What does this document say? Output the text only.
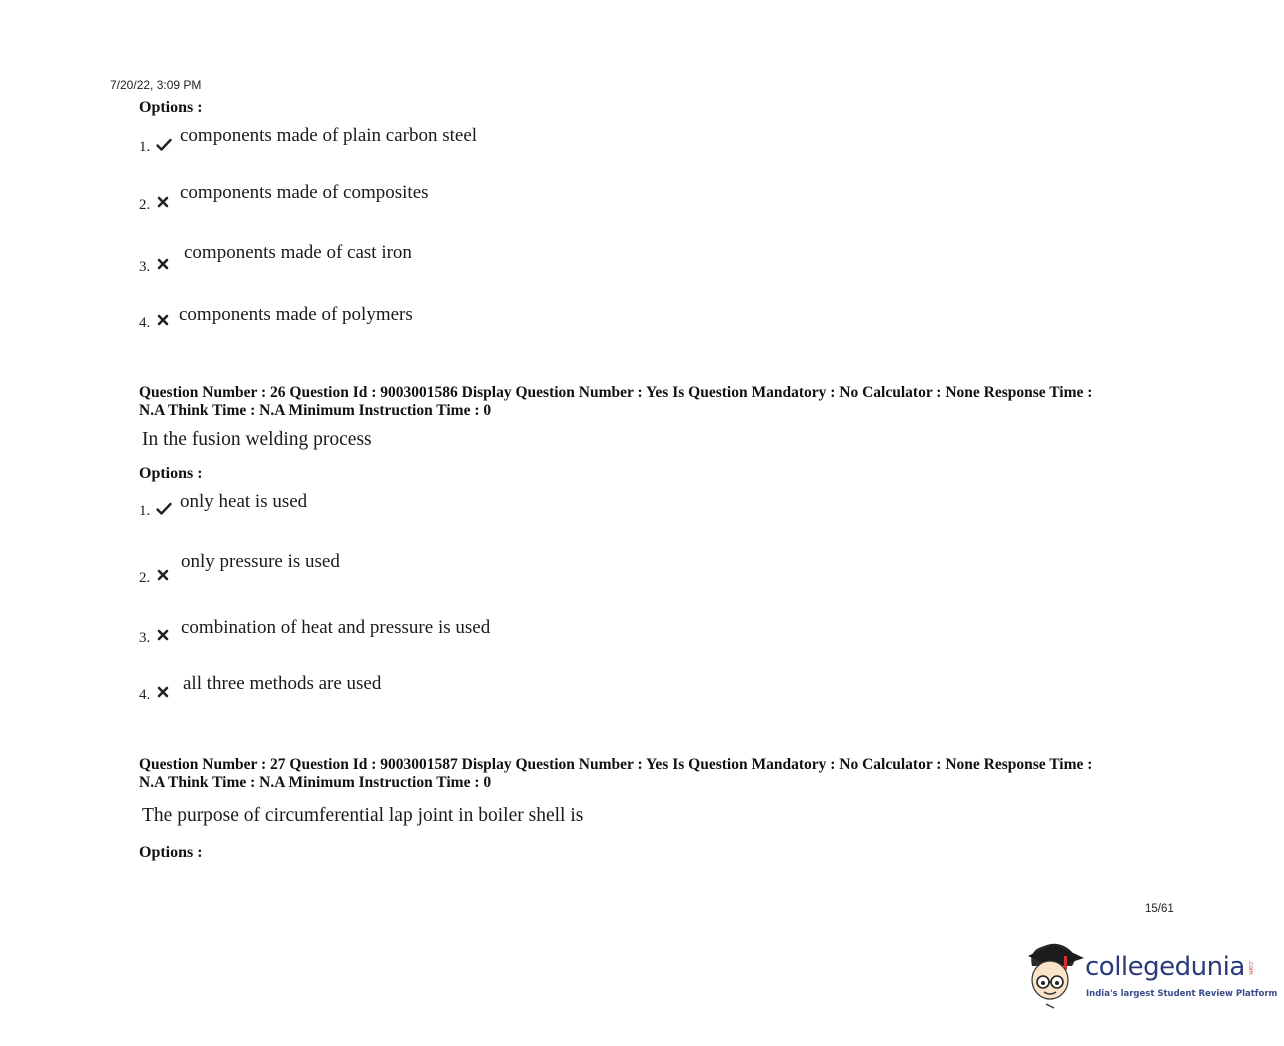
7/20/22, 3:09 PM
Options :
1.
components made of plain carbon steel
2.
components made of composites
3.
components made of cast iron
4. components made of polymers
Question Number : 26 Question Id : 9003001586 Display Question Number : Yes Is Question Mandatory : No Calculator : None Response Time :
N.A Think Time : N.A Minimum Instruction Time : 0
In the fusion welding process
Options :
1. only heat is used
2.
only pressure is used
3. combination of heat and pressure is used
4.
all three methods are used
Question Number : 27 Question Id : 9003001587 Display Question Number : Yes Is Question Mandatory : No Calculator : None Response Time :
N.A Think Time : N.A Minimum Instruction Time : 0
The purpose of circumferential lap joint in boiler shell is
Options :
15/61
collegedunia .com
India's largest Student Review Platform
